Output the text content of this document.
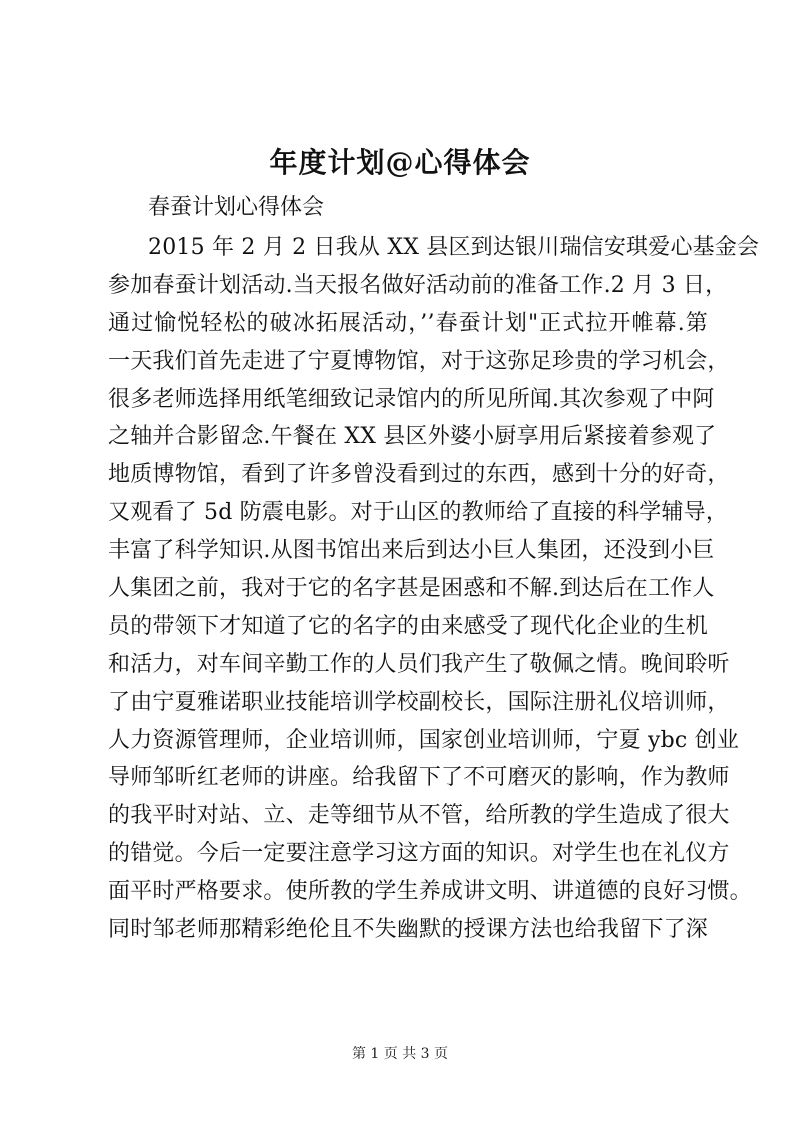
年度计划@心得体会
春蚕计划心得体会
2015 年 2 月 2 日我从 XX 县区到达银川瑞信安琪爱心基金会
参加春蚕计划活动.当天报名做好活动前的准备工作.2 月 3 日，
通过愉悦轻松的破冰拓展活动，’’春蚕计划"正式拉开帷幕.第
一天我们首先走进了宁夏博物馆，对于这弥足珍贵的学习机会，
很多老师选择用纸笔细致记录馆内的所见所闻.其次参观了中阿
之轴并合影留念.午餐在 XX 县区外婆小厨享用后紧接着参观了
地质博物馆，看到了许多曾没看到过的东西，感到十分的好奇，
又观看了 5d 防震电影。对于山区的教师给了直接的科学辅导，
丰富了科学知识.从图书馆出来后到达小巨人集团，还没到小巨
人集团之前，我对于它的名字甚是困惑和不解.到达后在工作人
员的带领下才知道了它的名字的由来感受了现代化企业的生机
和活力，对车间辛勤工作的人员们我产生了敬佩之情。晚间聆听
了由宁夏雅诺职业技能培训学校副校长，国际注册礼仪培训师，
人力资源管理师，企业培训师，国家创业培训师，宁夏 ybc 创业
导师邹昕红老师的讲座。给我留下了不可磨灭的影响，作为教师
的我平时对站、立、走等细节从不管，给所教的学生造成了很大
的错觉。今后一定要注意学习这方面的知识。对学生也在礼仪方
面平时严格要求。使所教的学生养成讲文明、讲道德的良好习惯。
同时邹老师那精彩绝伦且不失幽默的授课方法也给我留下了深
第 1 页 共 3 页
